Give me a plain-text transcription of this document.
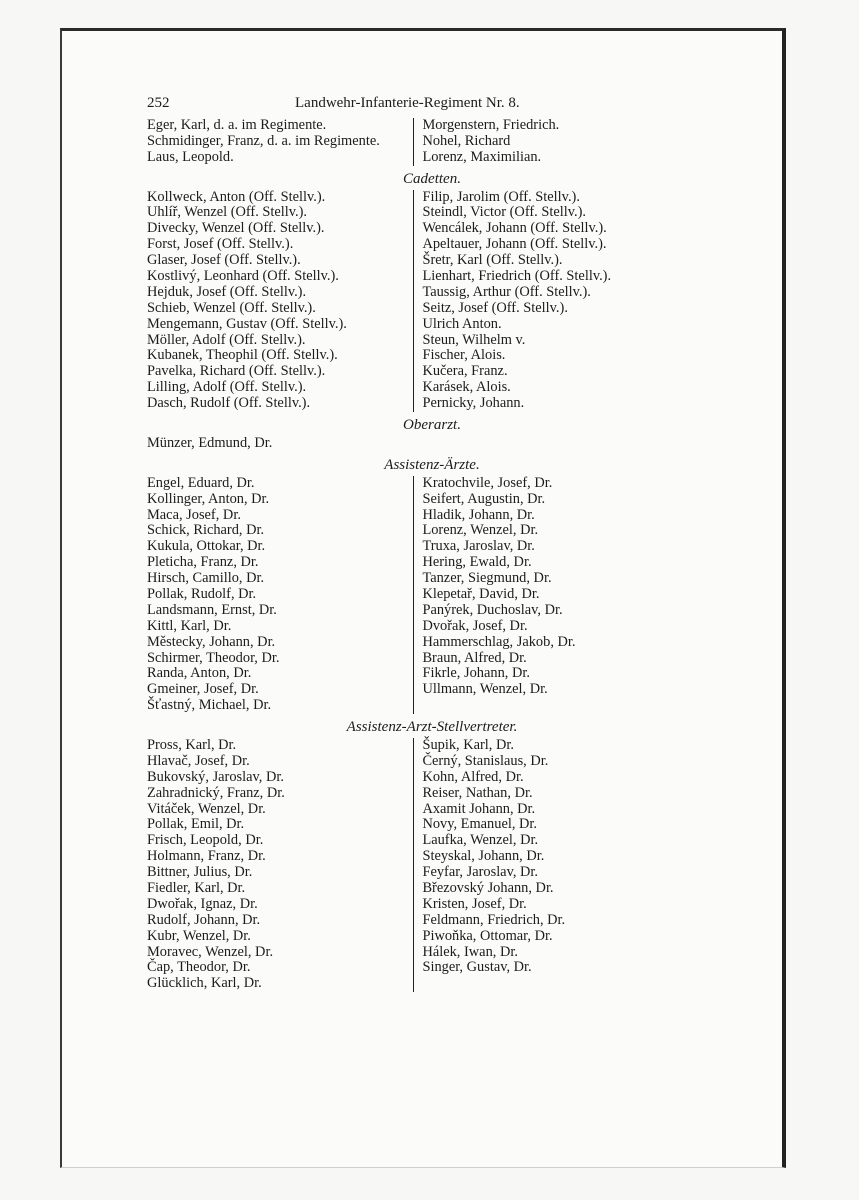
252	Landwehr-Infanterie-Regiment Nr. 8.
Eger, Karl, d. a. im Regimente.
Schmidinger, Franz, d. a. im Regimente.
Laus, Leopold.
Morgenstern, Friedrich.
Nohel, Richard
Lorenz, Maximilian.
Cadetten.
Kollweck, Anton (Off. Stellv.).
Uhlíř, Wenzel (Off. Stellv.).
Divecky, Wenzel (Off. Stellv.).
Forst, Josef (Off. Stellv.).
Glaser, Josef (Off. Stellv.).
Kostlivý, Leonhard (Off. Stellv.).
Hejduk, Josef (Off. Stellv.).
Schieb, Wenzel (Off. Stellv.).
Mengemann, Gustav (Off. Stellv.).
Möller, Adolf (Off. Stellv.).
Kubanek, Theophil (Off. Stellv.).
Pavelka, Richard (Off. Stellv.).
Lilling, Adolf (Off. Stellv.).
Dasch, Rudolf (Off. Stellv.).
Filip, Jarolim (Off. Stellv.).
Steindl, Victor (Off. Stellv.).
Wencálek, Johann (Off. Stellv.).
Apeltauer, Johann (Off. Stellv.).
Šretr, Karl (Off. Stellv.).
Lienhart, Friedrich (Off. Stellv.).
Taussig, Arthur (Off. Stellv.).
Seitz, Josef (Off. Stellv.).
Ulrich Anton.
Steun, Wilhelm v.
Fischer, Alois.
Kučera, Franz.
Karásek, Alois.
Pernicky, Johann.
Oberarzt.
Münzer, Edmund, Dr.
Assistenz-Ärzte.
Engel, Eduard, Dr.
Kollinger, Anton, Dr.
Maca, Josef, Dr.
Schick, Richard, Dr.
Kukula, Ottokar, Dr.
Pleticha, Franz, Dr.
Hirsch, Camillo, Dr.
Pollak, Rudolf, Dr.
Landsmann, Ernst, Dr.
Kittl, Karl, Dr.
Městecky, Johann, Dr.
Schirmer, Theodor, Dr.
Randa, Anton, Dr.
Gmeiner, Josef, Dr.
Šťastný, Michael, Dr.
Kratochvile, Josef, Dr.
Seifert, Augustin, Dr.
Hladik, Johann, Dr.
Lorenz, Wenzel, Dr.
Truxa, Jaroslav, Dr.
Hering, Ewald, Dr.
Tanzer, Siegmund, Dr.
Klepetař, David, Dr.
Panýrek, Duchoslav, Dr.
Dvořak, Josef, Dr.
Hammerschlag, Jakob, Dr.
Braun, Alfred, Dr.
Fikrle, Johann, Dr.
Ullmann, Wenzel, Dr.
Assistenz-Arzt-Stellvertreter.
Pross, Karl, Dr.
Hlavač, Josef, Dr.
Bukovský, Jaroslav, Dr.
Zahradnický, Franz, Dr.
Vitáček, Wenzel, Dr.
Pollak, Emil, Dr.
Frisch, Leopold, Dr.
Holmann, Franz, Dr.
Bittner, Julius, Dr.
Fiedler, Karl, Dr.
Dwořak, Ignaz, Dr.
Rudolf, Johann, Dr.
Kubr, Wenzel, Dr.
Moravec, Wenzel, Dr.
Čap, Theodor, Dr.
Glücklich, Karl, Dr.
Šupik, Karl, Dr.
Černý, Stanislaus, Dr.
Kohn, Alfred, Dr.
Reiser, Nathan, Dr.
Axamit Johann, Dr.
Novy, Emanuel, Dr.
Laufka, Wenzel, Dr.
Steyskal, Johann, Dr.
Feyfar, Jaroslav, Dr.
Březovský Johann, Dr.
Kristen, Josef, Dr.
Feldmann, Friedrich, Dr.
Piwoňka, Ottomar, Dr.
Hálek, Iwan, Dr.
Singer, Gustav, Dr.
